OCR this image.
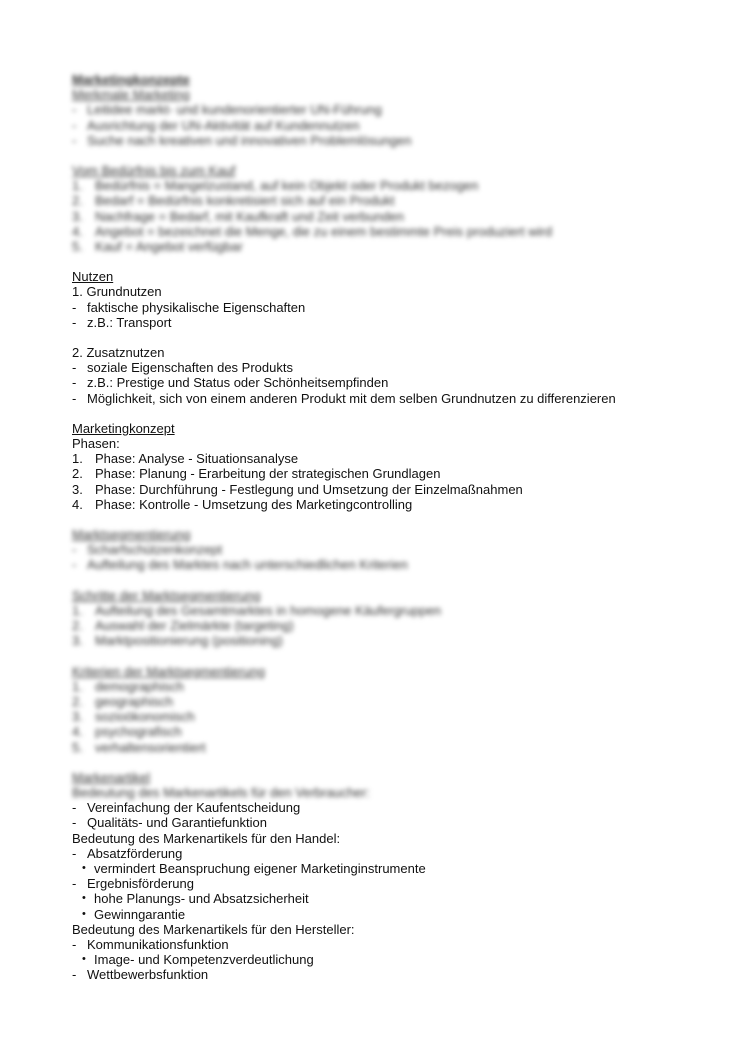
Marketingkonzepte
Merkmale Marketing
- Leitidee markt- und kundenorientierter UN-Führung
- Ausrichtung der UN-Aktivität auf Kundennutzen
- Suche nach kreativen und innovativen Problemlösungen
Vom Bedürfnis bis zum Kauf
1. Bedürfnis = Mangelzustand, auf kein Objekt oder Produkt bezogen
2. Bedarf = Bedürfnis konkretisiert sich auf ein Produkt
3. Nachfrage = Bedarf, mit Kaufkraft und Zeit verbunden
4. Angebot = bezeichnet die Menge, die zu einem bestimmte Preis produziert wird
5. Kauf = Angebot verfügbar
Nutzen
1. Grundnutzen
- faktische physikalische Eigenschaften
- z.B.: Transport
2. Zusatznutzen
- soziale Eigenschaften des Produkts
- z.B.: Prestige und Status oder Schönheitsempfinden
- Möglichkeit, sich von einem anderen Produkt mit dem selben Grundnutzen zu differenzieren
Marketingkonzept
Phasen:
1. Phase: Analyse - Situationsanalyse
2. Phase: Planung - Erarbeitung der strategischen Grundlagen
3. Phase: Durchführung - Festlegung und Umsetzung der Einzelmaßnahmen
4. Phase: Kontrolle - Umsetzung des Marketingcontrolling
Marktsegmentierung
- Scharfschützenkonzept
- Aufteilung des Marktes nach unterschiedlichen Kriterien
Schritte der Marktsegmentierung
1. Aufteilung des Gesamtmarktes in homogene Käufergruppen
2. Auswahl der Zielmärkte (targeting)
3. Marktpositionierung (positioning)
Kriterien der Marktsegmentierung
1. demographisch
2. geographisch
3. sozioökonomisch
4. psychografisch
5. verhaltensorientiert
Markenartikel
Bedeutung des Markenartikels für den Verbraucher:
- Vereinfachung der Kaufentscheidung
- Qualitäts- und Garantiefunktion
Bedeutung des Markenartikels für den Handel:
- Absatzförderung
• vermindert Beanspruchung eigener Marketinginstrumente
- Ergebnisförderung
• hohe Planungs- und Absatzsicherheit
• Gewinngarantie
Bedeutung des Markenartikels für den Hersteller:
- Kommunikationsfunktion
• Image- und Kompetenzverdeutlichung
- Wettbewerbsfunktion
